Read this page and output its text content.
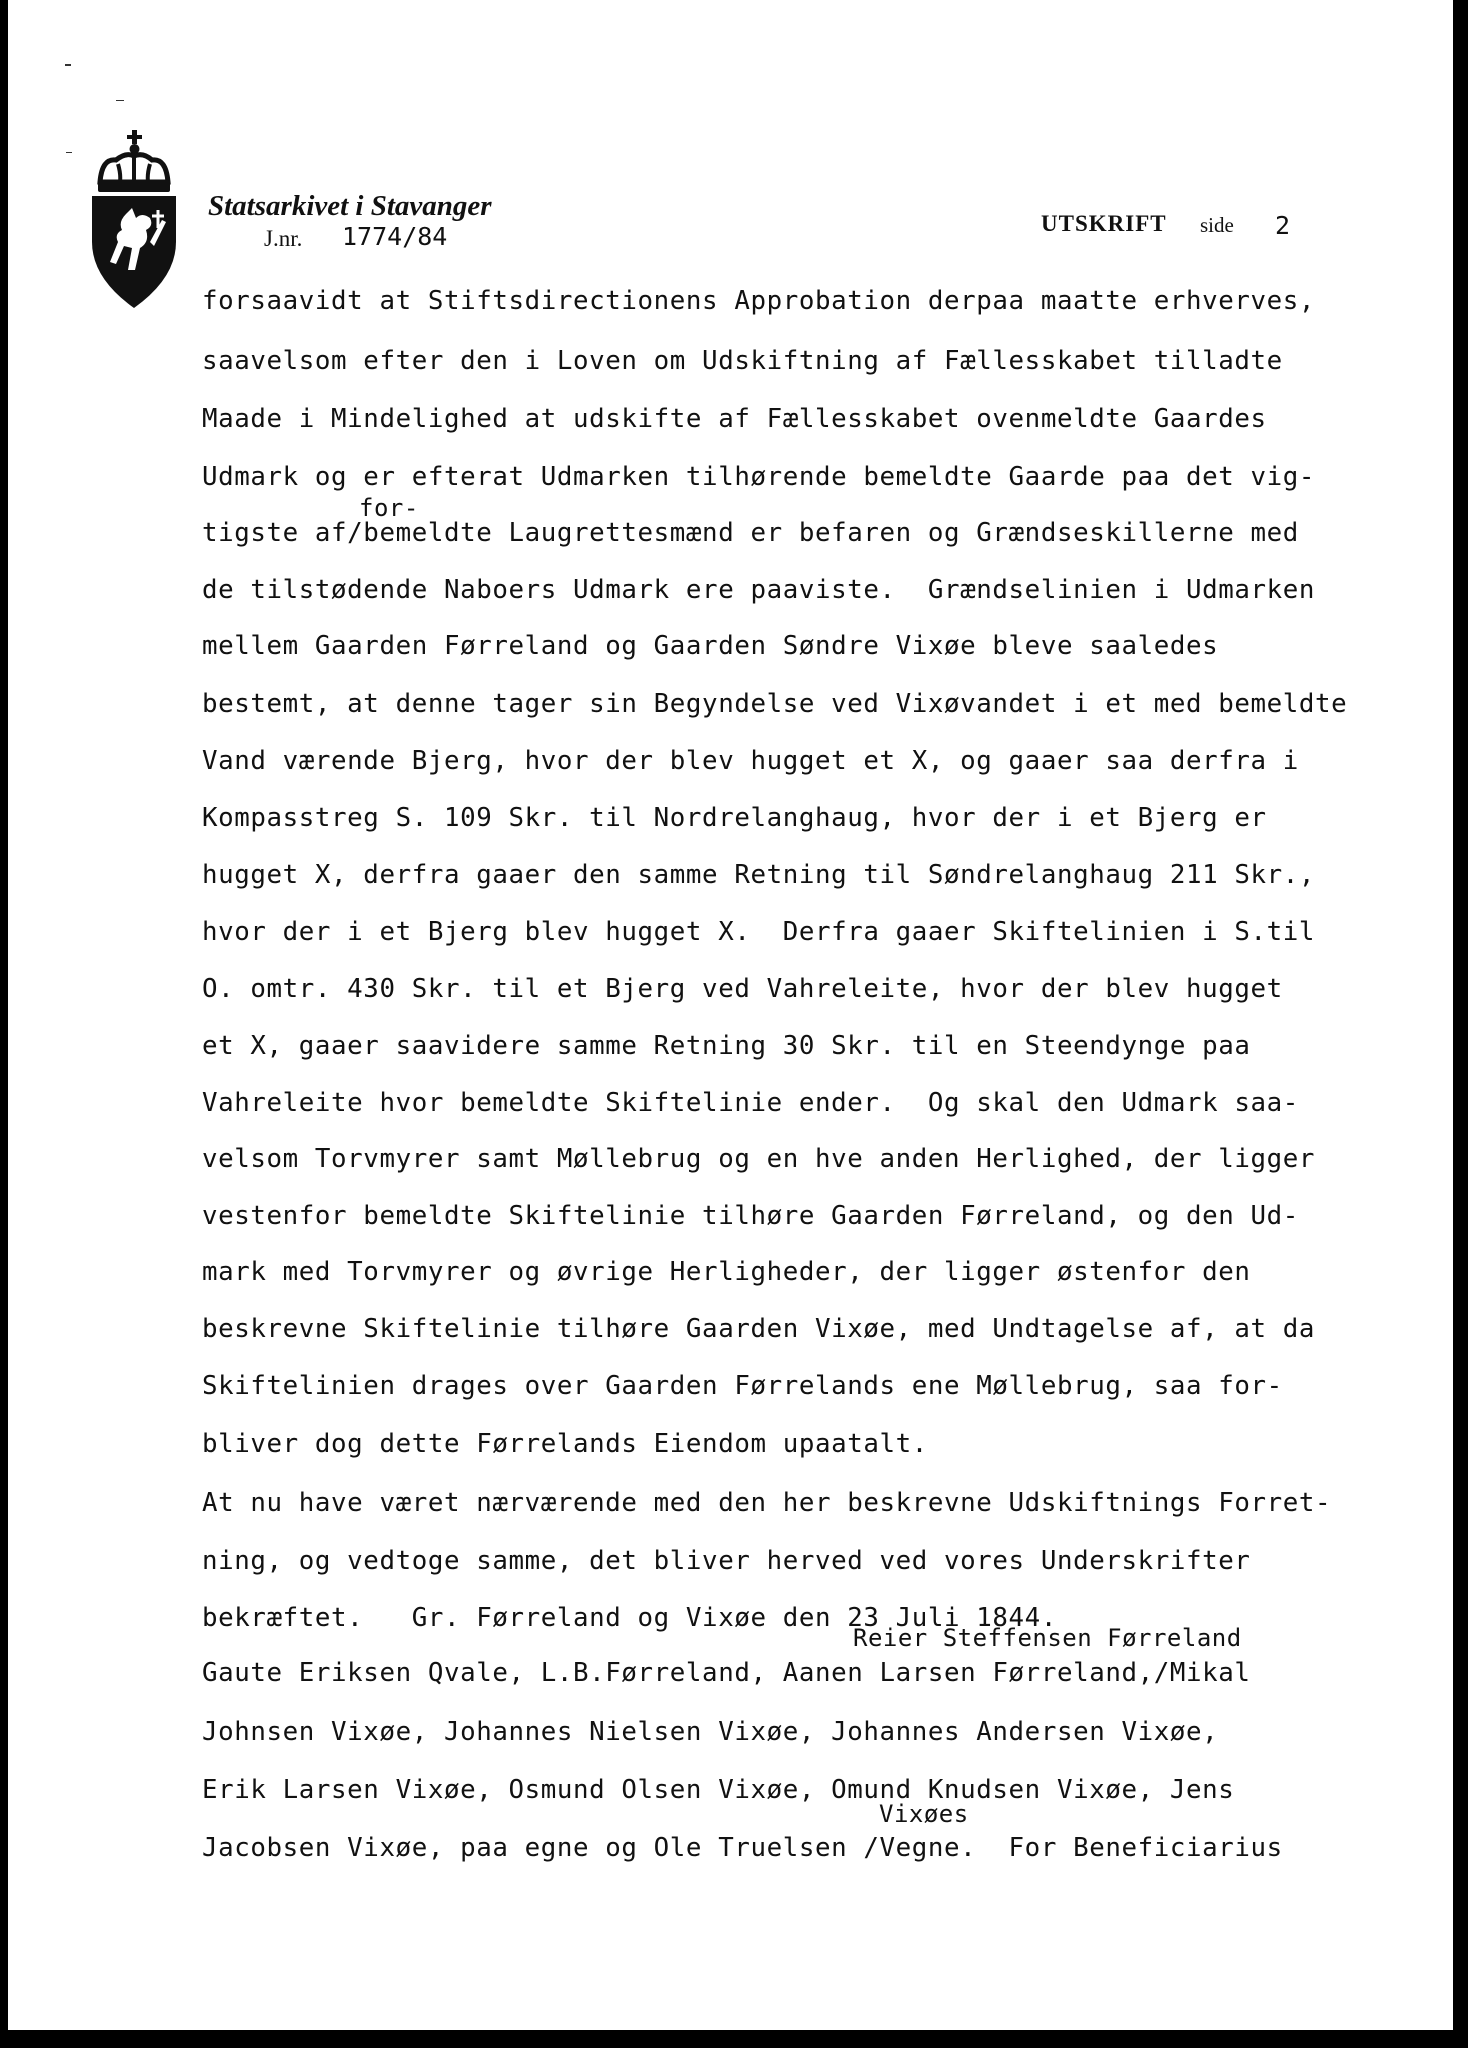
Statsarkivet i Stavanger
J.nr. 1774/84	UTSKRIFT side 2
forsaavidt at Stiftsdirectionens Approbation derpaa maatte erhverves,
saavelsom efter den i Loven om Udskiftning af Fællesskabet tilladte
Maade i Mindelighed at udskifte af Fællesskabet ovenmeldte Gaardes
Udmark og er efterat Udmarken tilhørende bemeldte Gaarde paa det vig-
for-
tigste af/bemeldte Laugrettesmænd er befaren og Grændseskillerne med
de tilstødende Naboers Udmark ere paaviste.  Grændselinien i Udmarken
mellem Gaarden Førreland og Gaarden Søndre Vixøe bleve saaledes
bestemt, at denne tager sin Begyndelse ved Vixøvandet i et med bemeldte
Vand værende Bjerg, hvor der blev hugget et X, og gaaer saa derfra i
Kompasstreg S. 109 Skr. til Nordrelanghaug, hvor der i et Bjerg er
hugget X, derfra gaaer den samme Retning til Søndrelanghaug 211 Skr.,
hvor der i et Bjerg blev hugget X.  Derfra gaaer Skiftelinien i S.til
O. omtr. 430 Skr. til et Bjerg ved Vahreleite, hvor der blev hugget
et X, gaaer saavidere samme Retning 30 Skr. til en Steendynge paa
Vahreleite hvor bemeldte Skiftelinie ender.  Og skal den Udmark saa-
velsom Torvmyrer samt Møllebrug og en hve anden Herlighed, der ligger
vestenfor bemeldte Skiftelinie tilhøre Gaarden Førreland, og den Ud-
mark med Torvmyrer og øvrige Herligheder, der ligger østenfor den
beskrevne Skiftelinie tilhøre Gaarden Vixøe, med Undtagelse af, at da
Skiftelinien drages over Gaarden Førrelands ene Møllebrug, saa for-
bliver dog dette Førrelands Eiendom upaatalt.
At nu have været nærværende med den her beskrevne Udskiftnings Forret-
ning, og vedtoge samme, det bliver herved ved vores Underskrifter
bekræftet.   Gr. Førreland og Vixøe den 23 Juli 1844.
Reier Steffensen Førreland
Gaute Eriksen Qvale, L.B.Førreland, Aanen Larsen Førreland,/Mikal
Johnsen Vixøe, Johannes Nielsen Vixøe, Johannes Andersen Vixøe,
Erik Larsen Vixøe, Osmund Olsen Vixøe, Omund Knudsen Vixøe, Jens
Vixøes
Jacobsen Vixøe, paa egne og Ole Truelsen /Vegne.  For Beneficiarius
